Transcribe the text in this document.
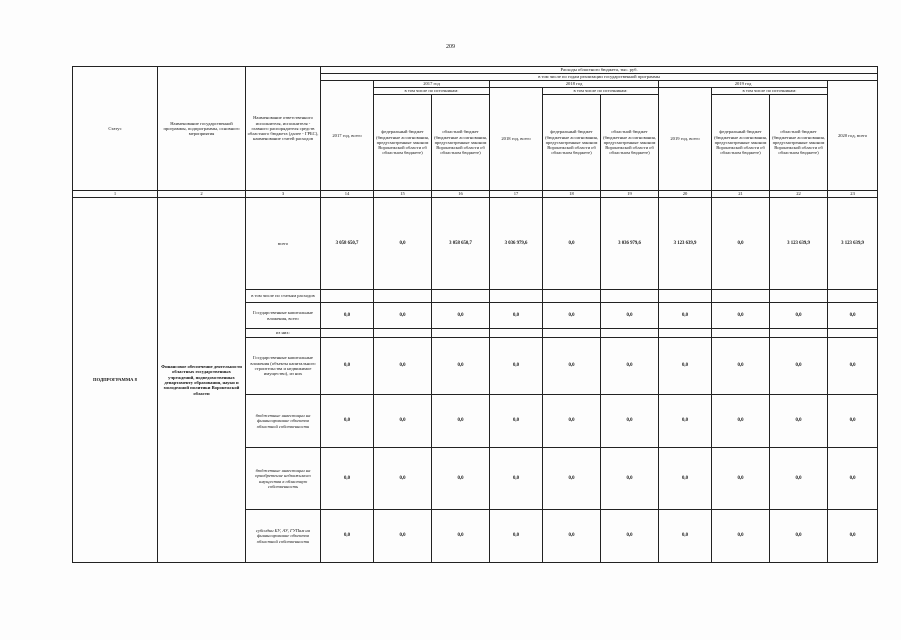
209
Статус	Наименование государственной программы, подпрограммы, основного мероприятия	Наименование ответственного исполнителя, исполнителя - главного распорядителя средств областного бюджета (далее - ГРБС), наименование статей расходов	Расходы областного бюджета, тыс. руб.									
			в том числе по годам реализации государственной программы									
			2017 год, всего	2017 год		2018 год			2019 год			2020 год, всего
				в том числе по источникам:		2018 год, всего	в том числе по источникам:		2019 год, всего	в том числе по источникам:		
				федеральный бюджет (бюджетные ассигнования, предусмотренные законом Воронежской области об областном бюджете)	областной бюджет (бюджетные ассигнования, предусмотренные законом Воронежской области об областном бюджете)		федеральный бюджет (бюджетные ассигнования, предусмотренные законом Воронежской области об областном бюджете)	областной бюджет (бюджетные ассигнования, предусмотренные законом Воронежской области об областном бюджете)		федеральный бюджет (бюджетные ассигнования, предусмотренные законом Воронежской области об областном бюджете)	областной бюджет (бюджетные ассигнования, предусмотренные законом Воронежской области об областном бюджете)	
1	2	3	14	15	16	17	18	19	20	21	22	23
ПОДПРОГРАММА 8	Финансовое обеспечение деятельности областных государственных учреждений, подведомственных департаменту образования, науки и молодежной политики Воронежской области	всего	3 058 650,7	0,0	3 058 650,7	3 036 979,6	0,0	3 036 979,6	3 123 639,9	0,0	3 123 639,9	3 123 639,9
		в том числе по статьям расходов										
		Государственные капитальные вложения, всего	0,0	0,0	0,0	0,0	0,0	0,0	0,0	0,0	0,0	0,0
		из них:										
		Государственные капитальные вложения (объекты капитального строительства и недвижимое имущество), из них	0,0	0,0	0,0	0,0	0,0	0,0	0,0	0,0	0,0	0,0
		бюджетные инвестиции на финансирование объектов областной собственности	0,0	0,0	0,0	0,0	0,0	0,0	0,0	0,0	0,0	0,0
		бюджетные инвестиции на приобретение недвижимого имущества в областную собственность	0,0	0,0	0,0	0,0	0,0	0,0	0,0	0,0	0,0	0,0
		субсидии БУ, АУ, ГУПам на финансирование объектов областной собственности	0,0	0,0	0,0	0,0	0,0	0,0	0,0	0,0	0,0	0,0
